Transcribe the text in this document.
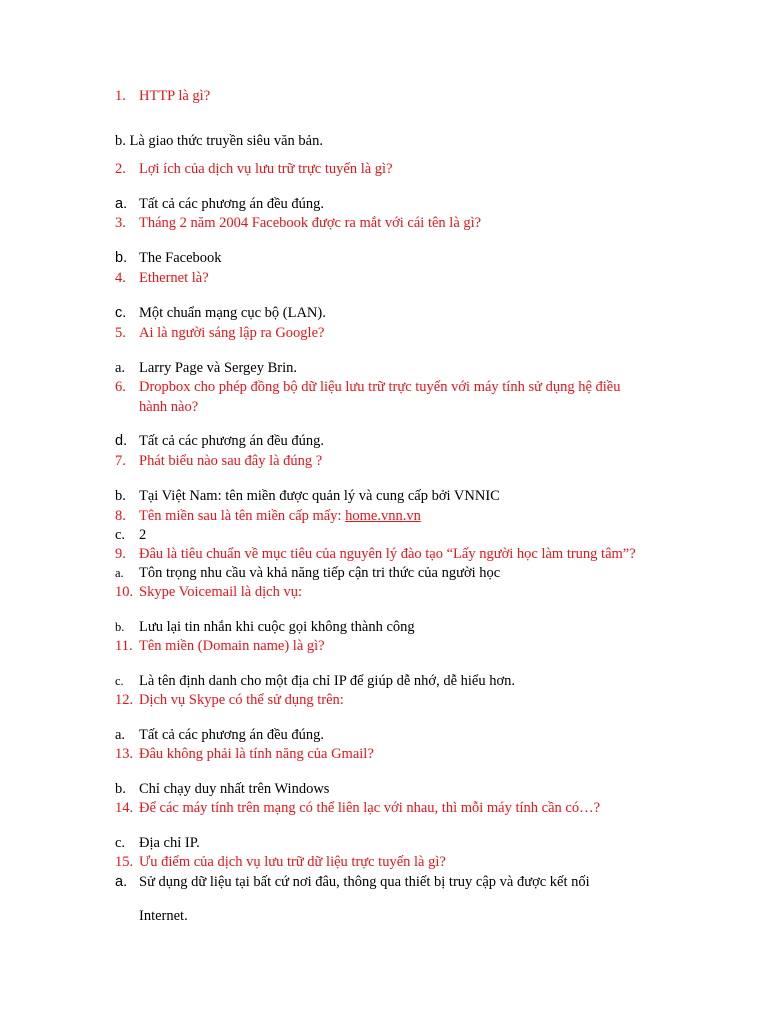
1. HTTP là gì?
b. Là giao thức truyền siêu văn bản.
2. Lợi ích của dịch vụ lưu trữ trực tuyến là gì?
a. Tất cả các phương án đều đúng.
3. Tháng 2 năm 2004 Facebook được ra mắt với cái tên là gì?
b. The Facebook
4. Ethernet là?
c. Một chuẩn mạng cục bộ (LAN).
5. Ai là người sáng lập ra Google?
a. Larry Page và Sergey Brin.
6. Dropbox cho phép đồng bộ dữ liệu lưu trữ trực tuyến với máy tính sử dụng hệ điều
hành nào?
d. Tất cả các phương án đều đúng.
7. Phát biểu nào sau đây là đúng ?
b. Tại Việt Nam: tên miền được quản lý và cung cấp bởi VNNIC
8. Tên miền sau là tên miền cấp mấy: home.vnn.vn
c. 2
9. Đâu là tiêu chuẩn về mục tiêu của nguyên lý đào tạo “Lấy người học làm trung tâm”?
a. Tôn trọng nhu cầu và khả năng tiếp cận tri thức của người học
10. Skype Voicemail là dịch vụ:
b. Lưu lại tin nhắn khi cuộc gọi không thành công
11. Tên miền (Domain name) là gì?
c. Là tên định danh cho một địa chỉ IP để giúp dễ nhớ, dễ hiểu hơn.
12. Dịch vụ Skype có thể sử dụng trên:
a. Tất cả các phương án đều đúng.
13. Đâu không phải là tính năng của Gmail?
b. Chỉ chạy duy nhất trên Windows
14. Để các máy tính trên mạng có thể liên lạc với nhau, thì mỗi máy tính cần có…?
c. Địa chỉ IP.
15. Ưu điểm của dịch vụ lưu trữ dữ liệu trực tuyến là gì?
a. Sử dụng dữ liệu tại bất cứ nơi đâu, thông qua thiết bị truy cập và được kết nối
Internet.
